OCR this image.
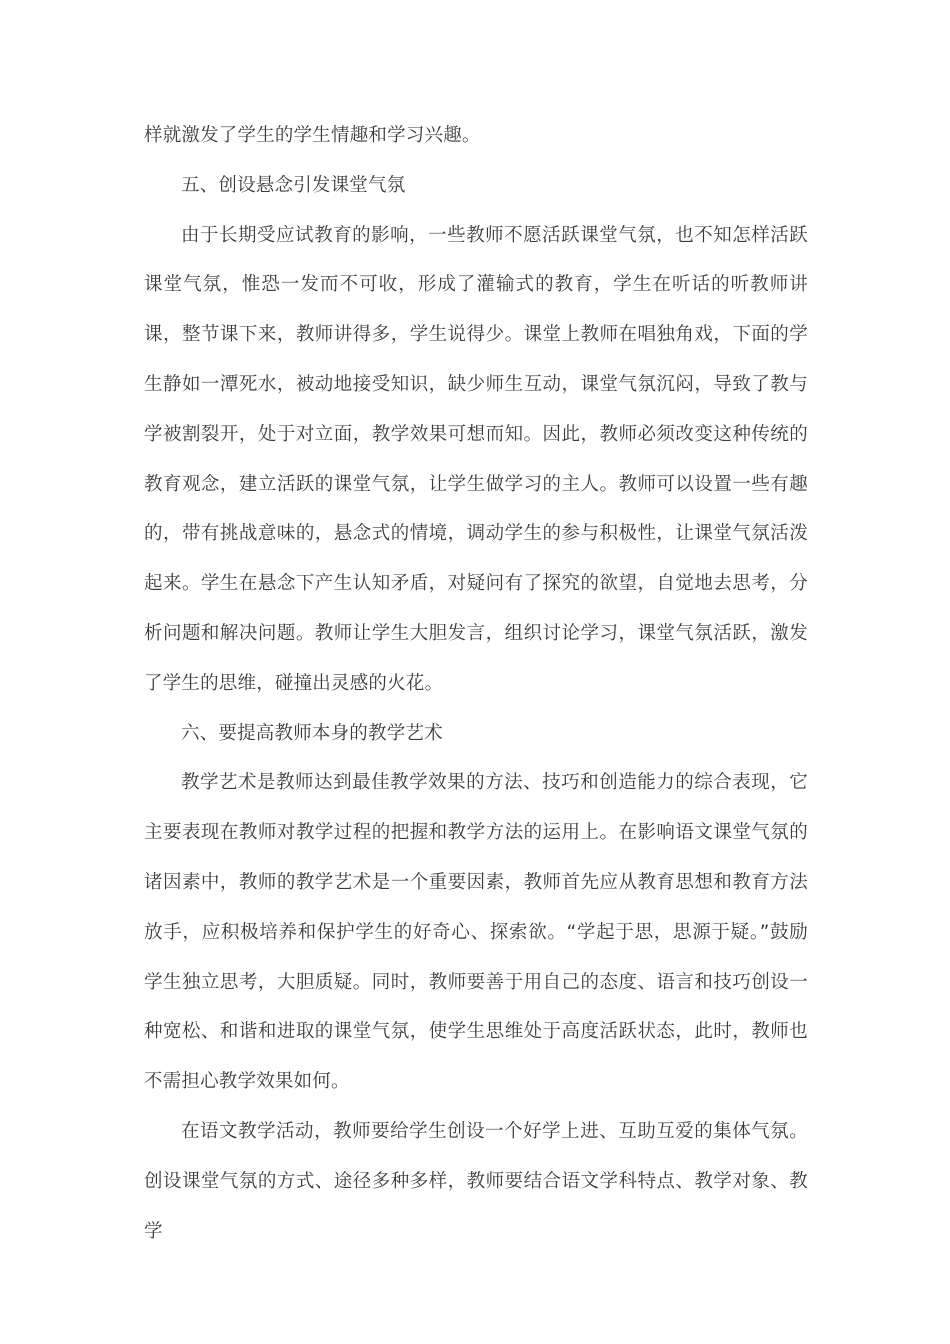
样就激发了学生的学生情趣和学习兴趣。

五、创设悬念引发课堂气氛

由于长期受应试教育的影响，一些教师不愿活跃课堂气氛，也不知怎样活跃课堂气氛，惟恐一发而不可收，形成了灌输式的教育，学生在听话的听教师讲课，整节课下来，教师讲得多，学生说得少。课堂上教师在唱独角戏，下面的学生静如一潭死水，被动地接受知识，缺少师生互动，课堂气氛沉闷，导致了教与学被割裂开，处于对立面，教学效果可想而知。因此，教师必须改变这种传统的教育观念，建立活跃的课堂气氛，让学生做学习的主人。教师可以设置一些有趣的，带有挑战意味的，悬念式的情境，调动学生的参与积极性，让课堂气氛活泼起来。学生在悬念下产生认知矛盾，对疑问有了探究的欲望，自觉地去思考，分析问题和解决问题。教师让学生大胆发言，组织讨论学习，课堂气氛活跃，激发了学生的思维，碰撞出灵感的火花。

六、要提高教师本身的教学艺术

教学艺术是教师达到最佳教学效果的方法、技巧和创造能力的综合表现，它主要表现在教师对教学过程的把握和教学方法的运用上。在影响语文课堂气氛的诸因素中，教师的教学艺术是一个重要因素，教师首先应从教育思想和教育方法放手，应积极培养和保护学生的好奇心、探索欲。“学起于思，思源于疑。”鼓励学生独立思考，大胆质疑。同时，教师要善于用自己的态度、语言和技巧创设一种宽松、和谐和进取的课堂气氛，使学生思维处于高度活跃状态，此时，教师也不需担心教学效果如何。

在语文教学活动，教师要给学生创设一个好学上进、互助互爱的集体气氛。创设课堂气氛的方式、途径多种多样，教师要结合语文学科特点、教学对象、教学
